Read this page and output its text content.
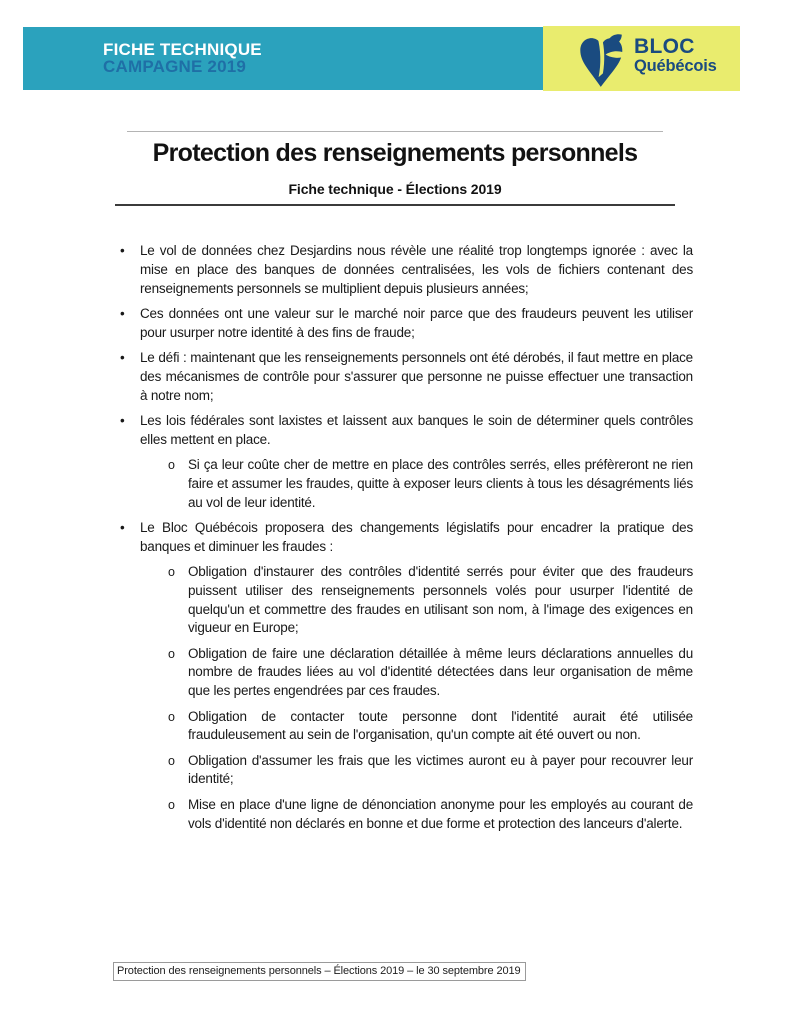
FICHE TECHNIQUE
CAMPAGNE 2019
BLOC
Québécois
Protection des renseignements personnels
Fiche technique - Élections 2019
• Le vol de données chez Desjardins nous révèle une réalité trop longtemps ignorée : avec la mise en place des banques de données centralisées, les vols de fichiers contenant des renseignements personnels se multiplient depuis plusieurs années;
• Ces données ont une valeur sur le marché noir parce que des fraudeurs peuvent les utiliser pour usurper notre identité à des fins de fraude;
• Le défi : maintenant que les renseignements personnels ont été dérobés, il faut mettre en place des mécanismes de contrôle pour s'assurer que personne ne puisse effectuer une transaction à notre nom;
• Les lois fédérales sont laxistes et laissent aux banques le soin de déterminer quels contrôles elles mettent en place.
o Si ça leur coûte cher de mettre en place des contrôles serrés, elles préfèreront ne rien faire et assumer les fraudes, quitte à exposer leurs clients à tous les désagréments liés au vol de leur identité.
• Le Bloc Québécois proposera des changements législatifs pour encadrer la pratique des banques et diminuer les fraudes :
o Obligation d'instaurer des contrôles d'identité serrés pour éviter que des fraudeurs puissent utiliser des renseignements personnels volés pour usurper l'identité de quelqu'un et commettre des fraudes en utilisant son nom, à l'image des exigences en vigueur en Europe;
o Obligation de faire une déclaration détaillée à même leurs déclarations annuelles du nombre de fraudes liées au vol d'identité détectées dans leur organisation de même que les pertes engendrées par ces fraudes.
o Obligation de contacter toute personne dont l'identité aurait été utilisée frauduleusement au sein de l'organisation, qu'un compte ait été ouvert ou non.
o Obligation d'assumer les frais que les victimes auront eu à payer pour recouvrer leur identité;
o Mise en place d'une ligne de dénonciation anonyme pour les employés au courant de vols d'identité non déclarés en bonne et due forme et protection des lanceurs d'alerte.
Protection des renseignements personnels – Élections 2019 – le 30 septembre 2019
